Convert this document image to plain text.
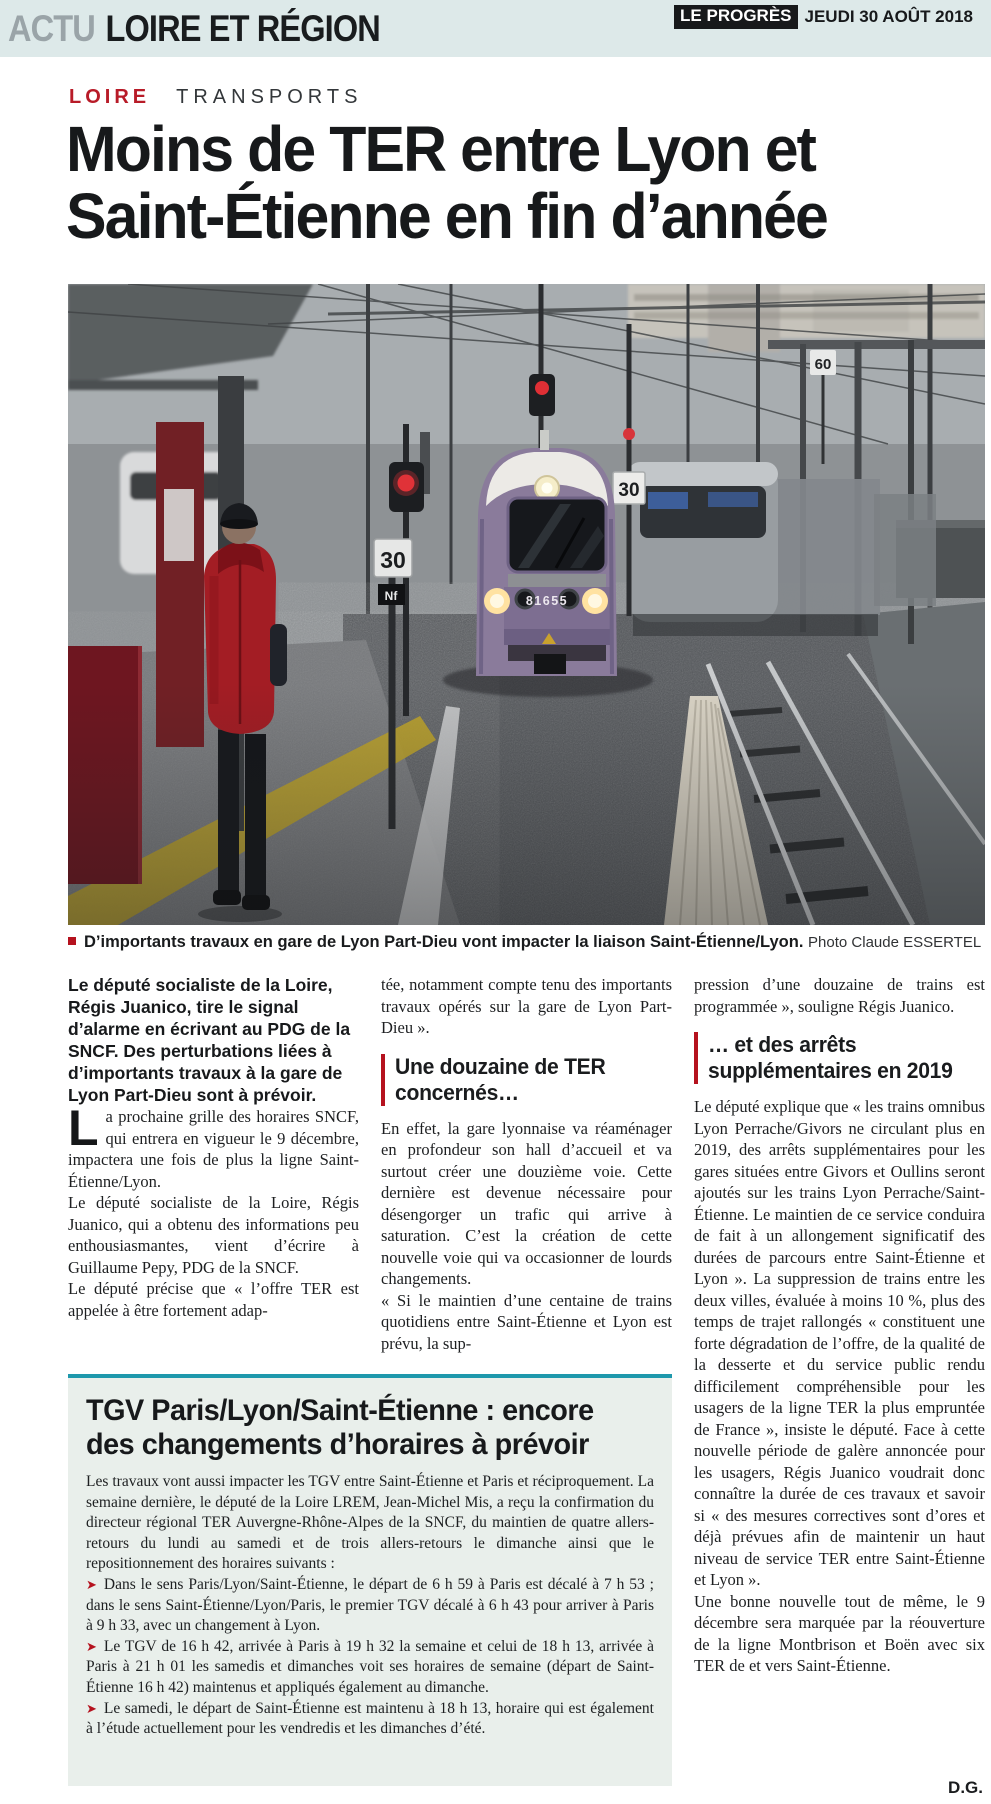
ACTU LOIRE ET RÉGION	LE PROGRÈS JEUDI 30 AOÛT 2018
LOIRE TRANSPORTS
Moins de TER entre Lyon et
Saint-Étienne en fin d’année
30
60
81655
30
Nf
D’importants travaux en gare de Lyon Part-Dieu vont impacter la liaison Saint-Étienne/Lyon. Photo Claude ESSERTEL

Le député socialiste de la Loire, Régis Juanico, tire le signal d’alarme en écrivant au PDG de la SNCF. Des perturbations liées à d’importants travaux à la gare de Lyon Part-Dieu sont à prévoir.

La prochaine grille des horaires SNCF, qui entrera en vigueur le 9 décembre, impactera une fois de plus la ligne Saint-Étienne/Lyon.

Le député socialiste de la Loire, Régis Juanico, qui a obtenu des informations peu enthousiasmantes, vient d’écrire à Guillaume Pepy, PDG de la SNCF.

Le député précise que « l’offre TER est appelée à être fortement adap-

tée, notamment compte tenu des importants travaux opérés sur la gare de Lyon Part-Dieu ».

Une douzaine de TER
concernés…

En effet, la gare lyonnaise va réaménager en profondeur son hall d’accueil et va surtout créer une douzième voie. Cette dernière est devenue nécessaire pour désengorger un trafic qui arrive à saturation. C’est la création de cette nouvelle voie qui va occasionner de lourds changements.

« Si le maintien d’une centaine de trains quotidiens entre Saint-Étienne et Lyon est prévu, la sup-

pression d’une douzaine de trains est programmée », souligne Régis Juanico.

… et des arrêts
supplémentaires en 2019

Le député explique que « les trains omnibus Lyon Perrache/Givors ne circulant plus en 2019, des arrêts supplémentaires pour les gares situées entre Givors et Oullins seront ajoutés sur les trains Lyon Perrache/Saint-Étienne. Le maintien de ce service conduira de fait à un allongement significatif des durées de parcours entre Saint-Étienne et Lyon ». La suppression de trains entre les deux villes, évaluée à moins 10 %, plus des temps de trajet rallongés « constituent une forte dégradation de l’offre, de la qualité de la desserte et du service public rendu difficilement compréhensible pour les usagers de la ligne TER la plus empruntée de France », insiste le député. Face à cette nouvelle période de galère annoncée pour les usagers, Régis Juanico voudrait donc connaître la durée de ces travaux et savoir si « des mesures correctives sont d’ores et déjà prévues afin de maintenir un haut niveau de service TER entre Saint-Étienne et Lyon ».

Une bonne nouvelle tout de même, le 9 décembre sera marquée par la réouverture de la ligne Montbrison et Boën avec six TER de et vers Saint-Étienne.

D.G.
TGV Paris/Lyon/Saint-Étienne : encore
des changements d’horaires à prévoir

Les travaux vont aussi impacter les TGV entre Saint-Étienne et Paris et réciproquement. La semaine dernière, le député de la Loire LREM, Jean-Michel Mis, a reçu la confirmation du directeur régional TER Auvergne-Rhône-Alpes de la SNCF, du maintien de quatre allers-retours du lundi au samedi et de trois allers-retours le dimanche ainsi que le repositionnement des horaires suivants :

➤ Dans le sens Paris/Lyon/Saint-Étienne, le départ de 6 h 59 à Paris est décalé à 7 h 53 ; dans le sens Saint-Étienne/Lyon/Paris, le premier TGV décalé à 6 h 43 pour arriver à Paris à 9 h 33, avec un changement à Lyon.

➤ Le TGV de 16 h 42, arrivée à Paris à 19 h 32 la semaine et celui de 18 h 13, arrivée à Paris à 21 h 01 les samedis et dimanches voit ses horaires de semaine (départ de Saint-Étienne 16 h 42) maintenus et appliqués également au dimanche.

➤ Le samedi, le départ de Saint-Étienne est maintenu à 18 h 13, horaire qui est également à l’étude actuellement pour les vendredis et les dimanches d’été.
